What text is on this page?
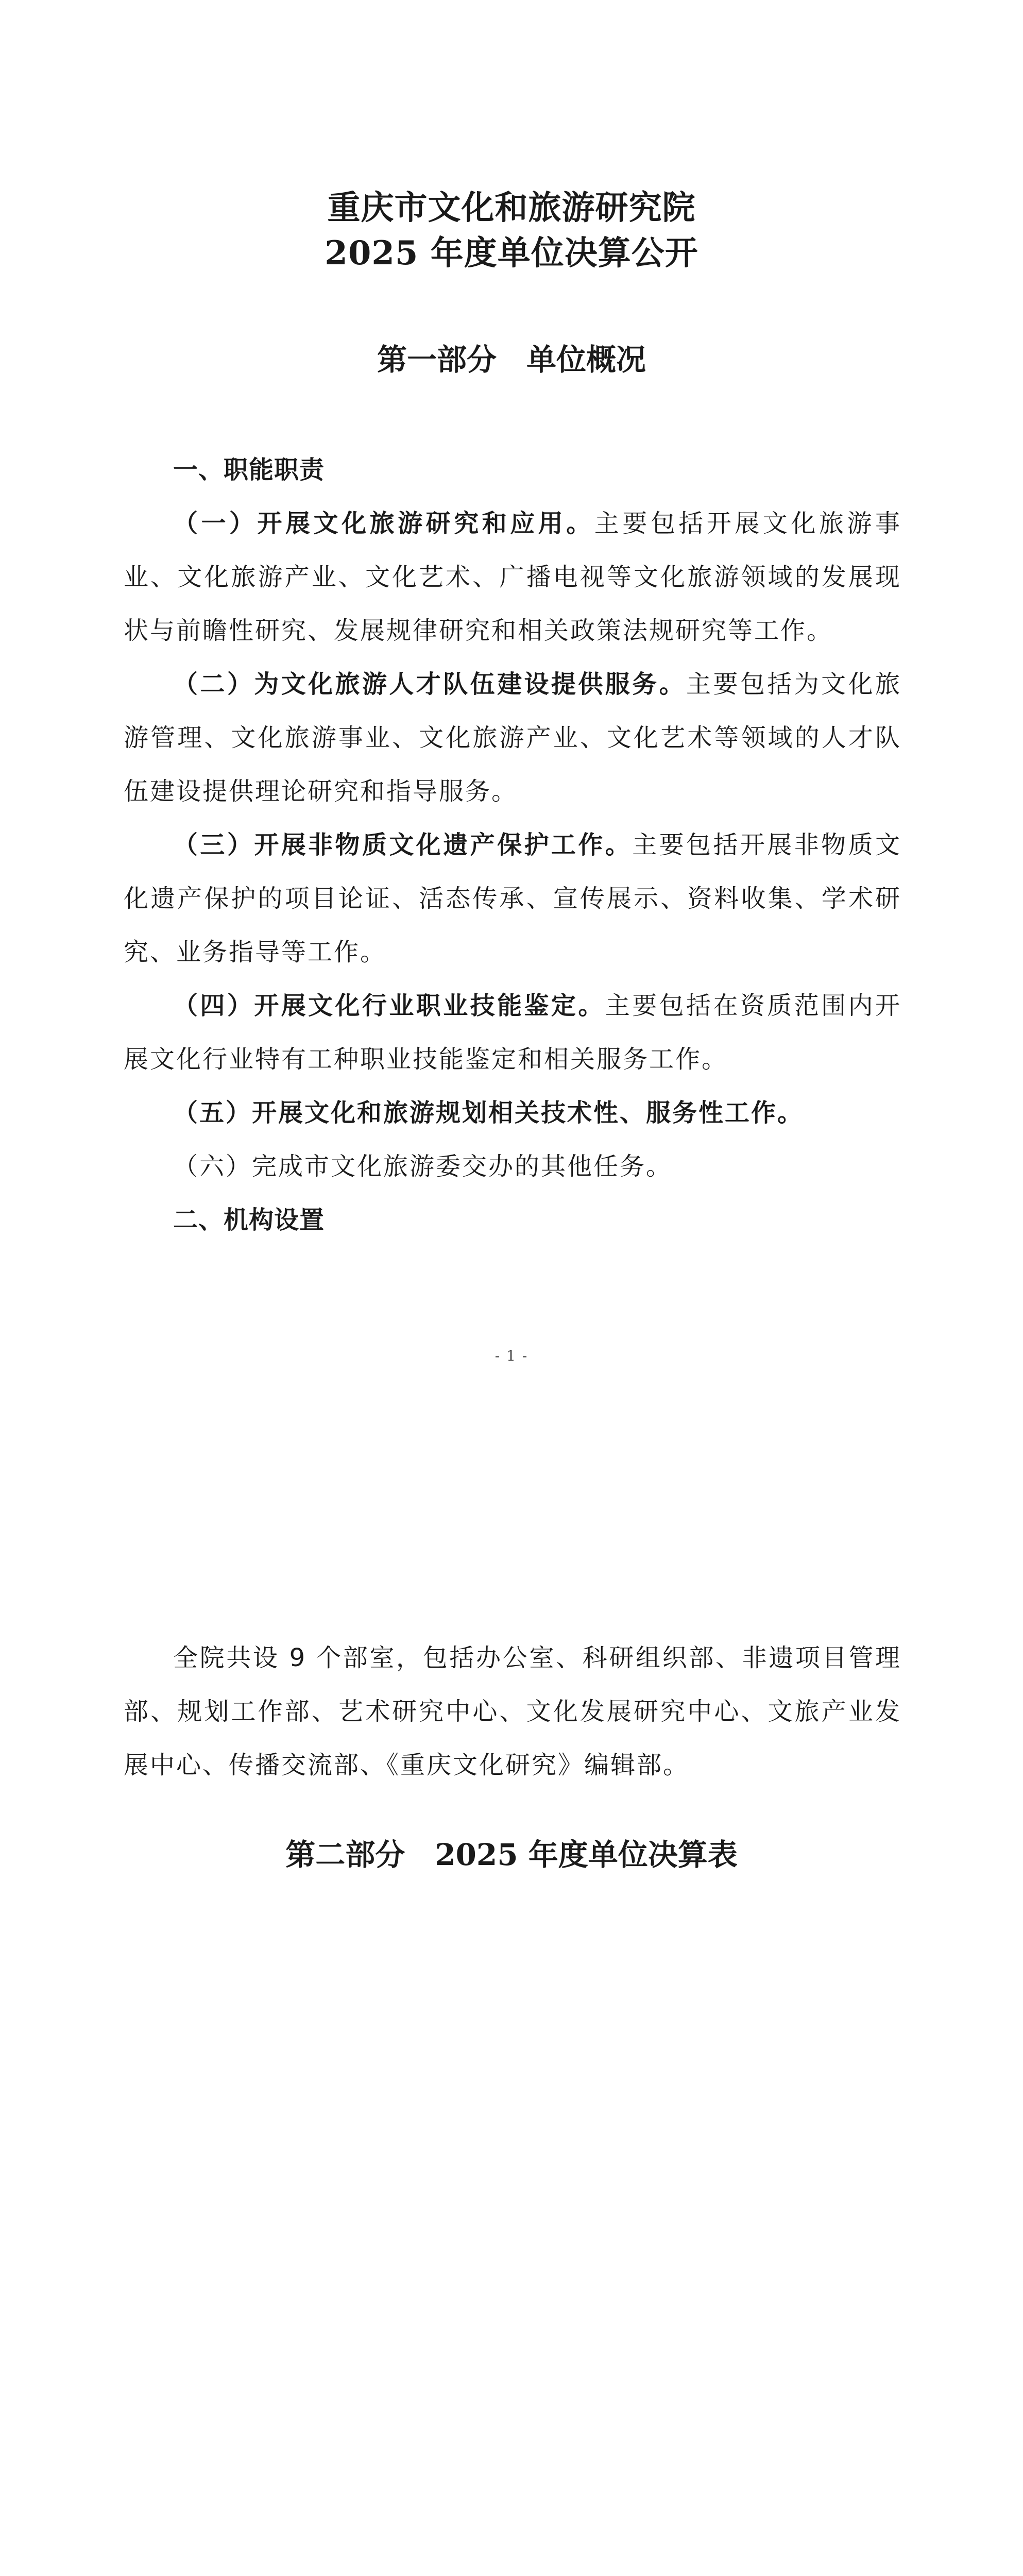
重庆市文化和旅游研究院
2025 年度单位决算公开
第一部分　单位概况

一、职能职责

（一）开展文化旅游研究和应用。主要包括开展文化旅游事业、文化旅游产业、文化艺术、广播电视等文化旅游领域的发展现状与前瞻性研究、发展规律研究和相关政策法规研究等工作。

（二）为文化旅游人才队伍建设提供服务。主要包括为文化旅游管理、文化旅游事业、文化旅游产业、文化艺术等领域的人才队伍建设提供理论研究和指导服务。

（三）开展非物质文化遗产保护工作。主要包括开展非物质文化遗产保护的项目论证、活态传承、宣传展示、资料收集、学术研究、业务指导等工作。

（四）开展文化行业职业技能鉴定。主要包括在资质范围内开展文化行业特有工种职业技能鉴定和相关服务工作。

（五）开展文化和旅游规划相关技术性、服务性工作。

（六）完成市文化旅游委交办的其他任务。

二、机构设置

- 1 -

全院共设 9 个部室，包括办公室、科研组织部、非遗项目管理部、规划工作部、艺术研究中心、文化发展研究中心、文旅产业发展中心、传播交流部、《重庆文化研究》编辑部。

第二部分　2025 年度单位决算表
